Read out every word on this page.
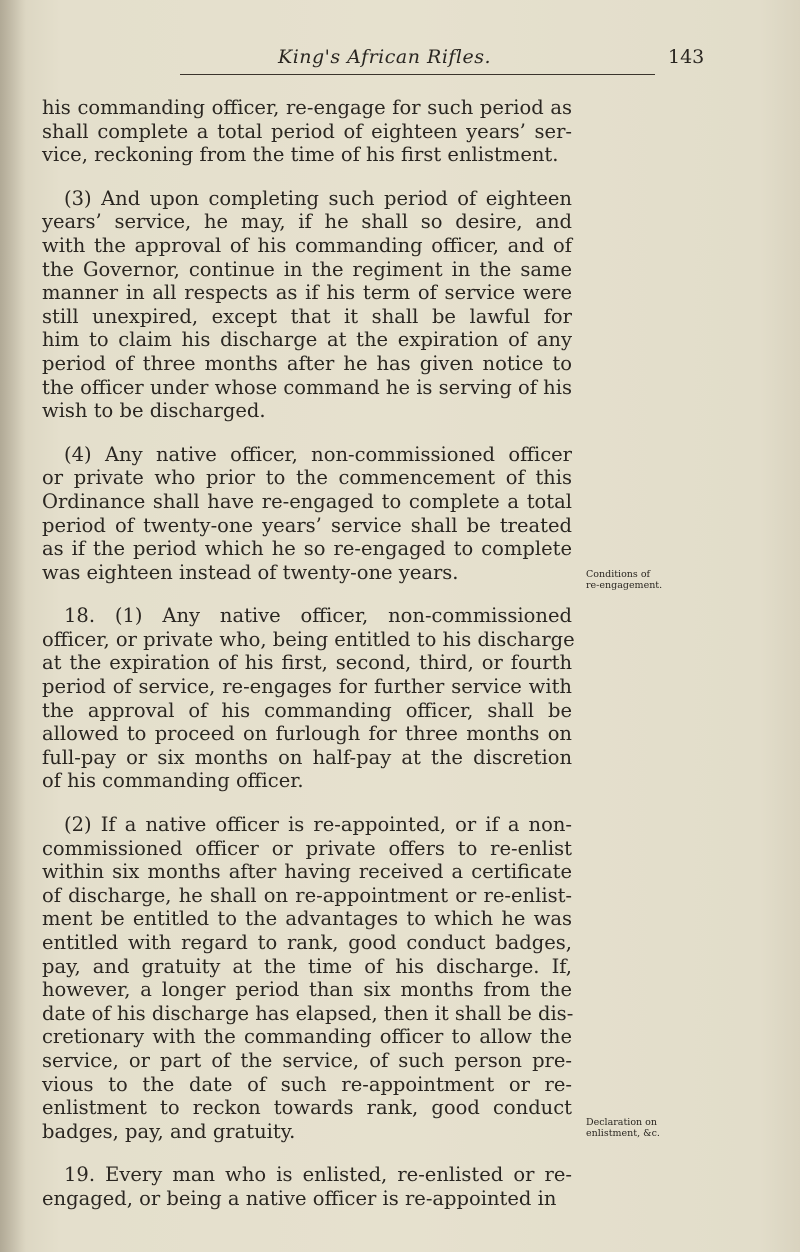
King's African Rifles.	143
his commanding officer, re-engage for such period as
shall complete a total period of eighteen years’ ser-
vice, reckoning from the time of his first enlistment.
(3) And upon completing such period of eighteen
years’ service, he may, if he shall so desire, and
with the approval of his commanding officer, and of
the Governor, continue in the regiment in the same
manner in all respects as if his term of service were
still unexpired, except that it shall be lawful for
him to claim his discharge at the expiration of any
period of three months after he has given notice to
the officer under whose command he is serving of his
wish to be discharged.
(4) Any native officer, non-commissioned officer
or private who prior to the commencement of this
Ordinance shall have re-engaged to complete a total
period of twenty-one years’ service shall be treated
as if the period which he so re-engaged to complete
was eighteen instead of twenty-one years.
18. (1) Any native officer, non-commissioned
officer, or private who, being entitled to his discharge
at the expiration of his first, second, third, or fourth
period of service, re-engages for further service with
the approval of his commanding officer, shall be
allowed to proceed on furlough for three months on
full-pay or six months on half-pay at the discretion
of his commanding officer.
(2) If a native officer is re-appointed, or if a non-
commissioned officer or private offers to re-enlist
within six months after having received a certificate
of discharge, he shall on re-appointment or re-enlist-
ment be entitled to the advantages to which he was
entitled with regard to rank, good conduct badges,
pay, and gratuity at the time of his discharge. If,
however, a longer period than six months from the
date of his discharge has elapsed, then it shall be dis-
cretionary with the commanding officer to allow the
service, or part of the service, of such person pre-
vious to the date of such re-appointment or re-
enlistment to reckon towards rank, good conduct
badges, pay, and gratuity.
19. Every man who is enlisted, re-enlisted or re-
engaged, or being a native officer is re-appointed in
Conditions of
re-engagement.
Declaration on
enlistment, &c.
